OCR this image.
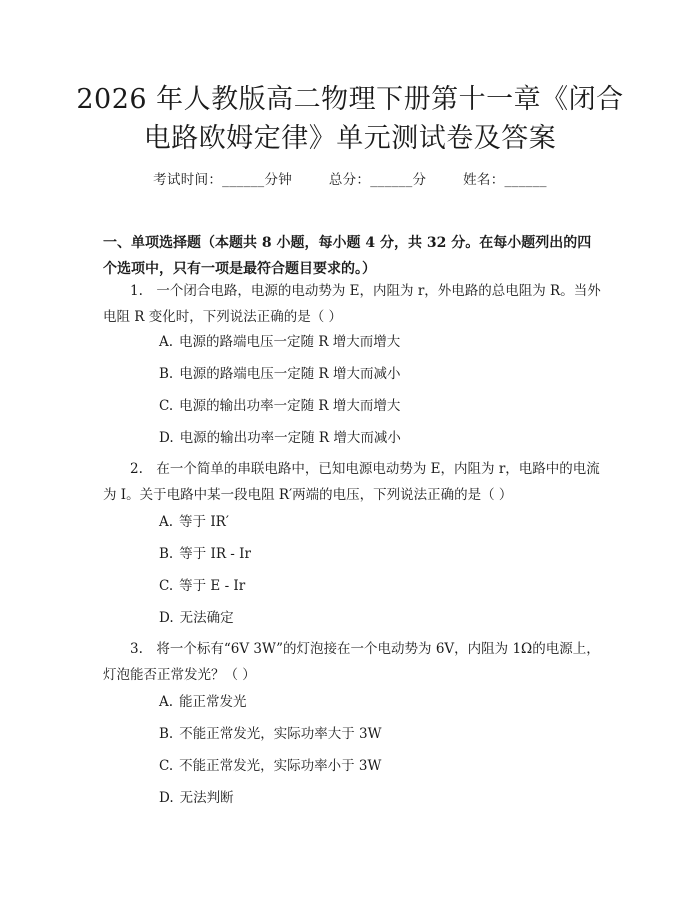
2026 年人教版高二物理下册第十一章《闭合
电路欧姆定律》单元测试卷及答案
考试时间：______分钟	总分：______分	姓名：______
一、单项选择题（本题共 8 小题，每小题 4 分，共 32 分。在每小题列出的四个选项中，只有一项是最符合题目要求的。）
1.　一个闭合电路，电源的电动势为 E，内阻为 r，外电路的总电阻为 R。当外电阻 R 变化时，下列说法正确的是（ ）
A. 电源的路端电压一定随 R 增大而增大
B. 电源的路端电压一定随 R 增大而减小
C. 电源的输出功率一定随 R 增大而增大
D. 电源的输出功率一定随 R 增大而减小
2.　在一个简单的串联电路中，已知电源电动势为 E，内阻为 r，电路中的电流为 I。关于电路中某一段电阻 R′两端的电压，下列说法正确的是（ ）
A. 等于 IR′
B. 等于 IR - Ir
C. 等于 E - Ir
D. 无法确定
3.　将一个标有“6V 3W”的灯泡接在一个电动势为 6V，内阻为 1Ω的电源上，灯泡能否正常发光？（ ）
A. 能正常发光
B. 不能正常发光，实际功率大于 3W
C. 不能正常发光，实际功率小于 3W
D. 无法判断
